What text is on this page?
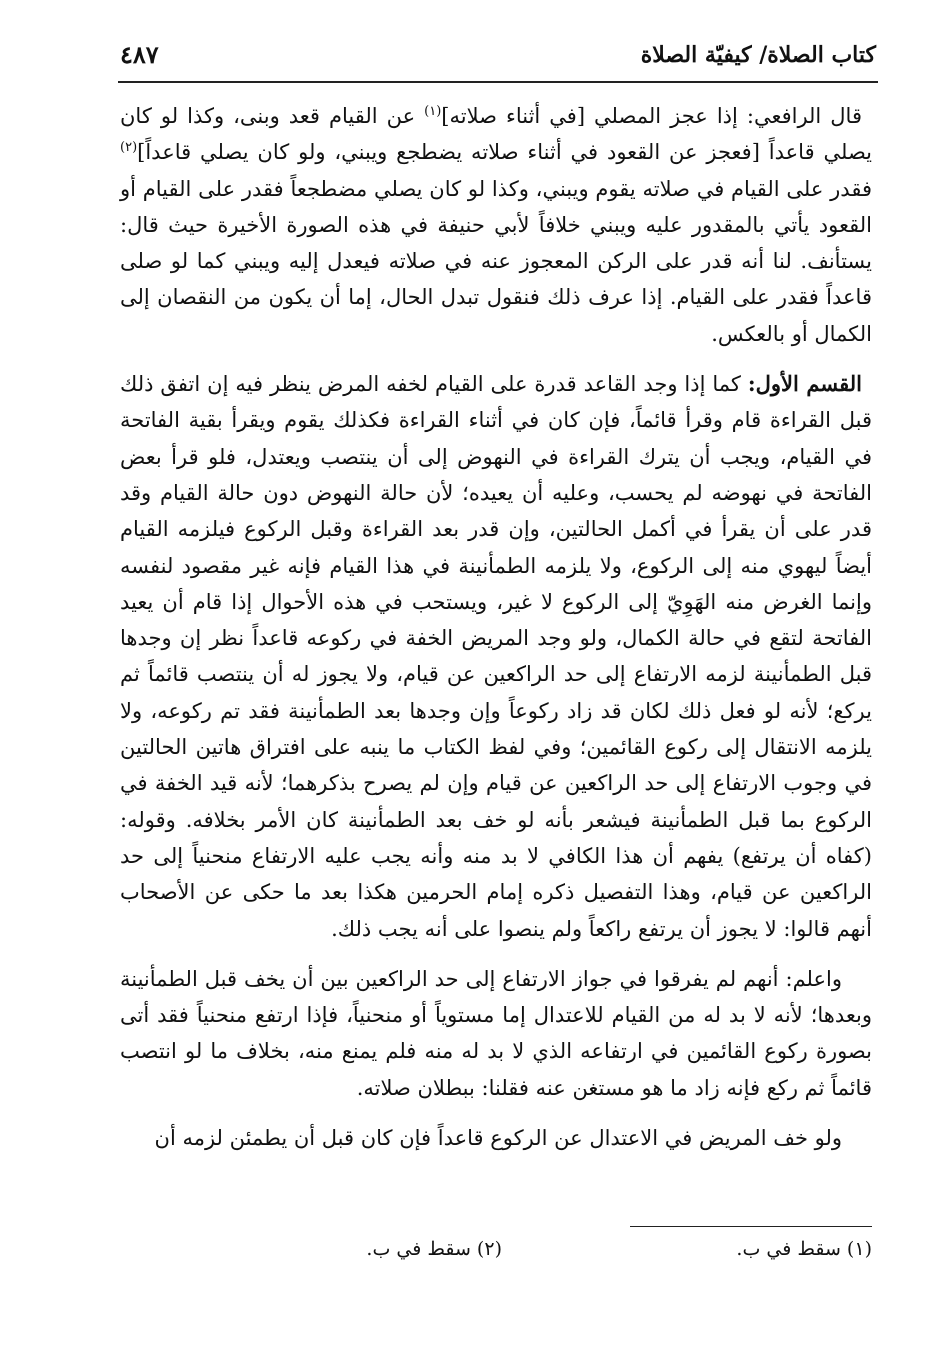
كتاب الصلاة/ كيفيّة الصلاة
٤٨٧

قال الرافعي: إذا عجز المصلي [في أثناء صلاته]$^{(١)}$ عن القيام قعد وبنى، وكذا لو كان يصلي قاعداً [فعجز عن القعود في أثناء صلاته يضطجع ويبني، ولو كان يصلي قاعداً]$^{(٢)}$ فقدر على القيام في صلاته يقوم ويبني، وكذا لو كان يصلي مضطجعاً فقدر على القيام أو القعود يأتي بالمقدور عليه ويبني خلافاً لأبي حنيفة في هذه الصورة الأخيرة حيث قال: يستأنف. لنا أنه قدر على الركن المعجوز عنه في صلاته فيعدل إليه ويبني كما لو صلى قاعداً فقدر على القيام. إذا عرف ذلك فنقول تبدل الحال، إما أن يكون من النقصان إلى الكمال أو بالعكس.

القسم الأول: كما إذا وجد القاعد قدرة على القيام لخفه المرض ينظر فيه إن اتفق ذلك قبل القراءة قام وقرأ قائماً، فإن كان في أثناء القراءة فكذلك يقوم ويقرأ بقية الفاتحة في القيام، ويجب أن يترك القراءة في النهوض إلى أن ينتصب ويعتدل، فلو قرأ بعض الفاتحة في نهوضه لم يحسب، وعليه أن يعيده؛ لأن حالة النهوض دون حالة القيام وقد قدر على أن يقرأ في أكمل الحالتين، وإن قدر بعد القراءة وقبل الركوع فيلزمه القيام أيضاً ليهوي منه إلى الركوع، ولا يلزمه الطمأنينة في هذا القيام فإنه غير مقصود لنفسه وإنما الغرض منه الهَوِيّ إلى الركوع لا غير، ويستحب في هذه الأحوال إذا قام أن يعيد الفاتحة لتقع في حالة الكمال، ولو وجد المريض الخفة في ركوعه قاعداً نظر إن وجدها قبل الطمأنينة لزمه الارتفاع إلى حد الراكعين عن قيام، ولا يجوز له أن ينتصب قائماً ثم يركع؛ لأنه لو فعل ذلك لكان قد زاد ركوعاً وإن وجدها بعد الطمأنينة فقد تم ركوعه، ولا يلزمه الانتقال إلى ركوع القائمين؛ وفي لفظ الكتاب ما ينبه على افتراق هاتين الحالتين في وجوب الارتفاع إلى حد الراكعين عن قيام وإن لم يصرح بذكرهما؛ لأنه قيد الخفة في الركوع بما قبل الطمأنينة فيشعر بأنه لو خف بعد الطمأنينة كان الأمر بخلافه. وقوله: (كفاه أن يرتفع) يفهم أن هذا الكافي لا بد منه وأنه يجب عليه الارتفاع منحنياً إلى حد الراكعين عن قيام، وهذا التفصيل ذكره إمام الحرمين هكذا بعد ما حكى عن الأصحاب أنهم قالوا: لا يجوز أن يرتفع راكعاً ولم ينصوا على أنه يجب ذلك.

واعلم: أنهم لم يفرقوا في جواز الارتفاع إلى حد الراكعين بين أن يخف قبل الطمأنينة وبعدها؛ لأنه لا بد له من القيام للاعتدال إما مستوياً أو منحنياً، فإذا ارتفع منحنياً فقد أتى بصورة ركوع القائمين في ارتفاعه الذي لا بد له منه فلم يمنع منه، بخلاف ما لو انتصب قائماً ثم ركع فإنه زاد ما هو مستغن عنه فقلنا: ببطلان صلاته.

ولو خف المريض في الاعتدال عن الركوع قاعداً فإن كان قبل أن يطمئن لزمه أن

(١) سقط في ب.
(٢) سقط في ب.
